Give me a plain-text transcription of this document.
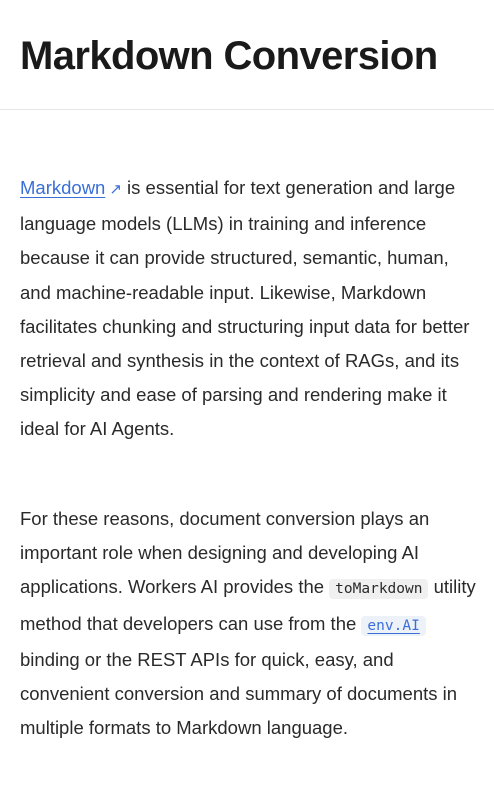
Markdown Conversion

Markdown ↗ is essential for text generation and large language models (LLMs) in training and inference because it can provide structured, semantic, human, and machine-readable input. Likewise, Markdown facilitates chunking and structuring input data for better retrieval and synthesis in the context of RAGs, and its simplicity and ease of parsing and rendering make it ideal for AI Agents.

For these reasons, document conversion plays an important role when designing and developing AI applications. Workers AI provides the toMarkdown utility method that developers can use from the env.AI binding or the REST APIs for quick, easy, and convenient conversion and summary of documents in multiple formats to Markdown language.
